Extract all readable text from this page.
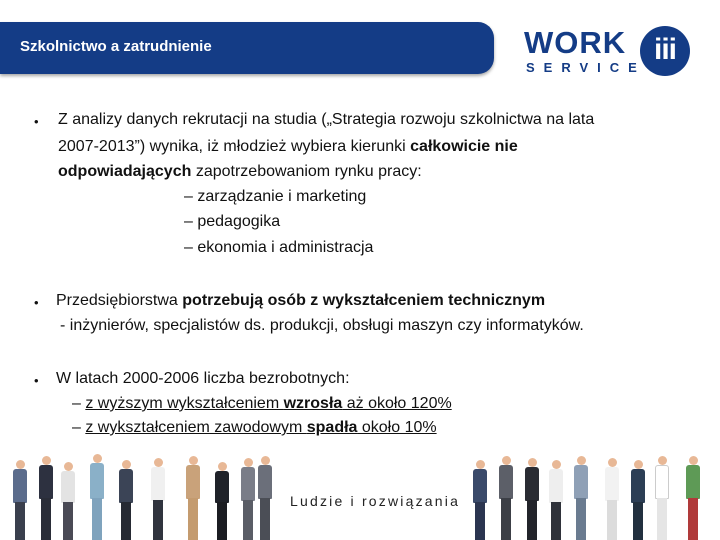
Szkolnictwo a zatrudnienie	WORK
SERVICE
iii
• Z analizy danych rekrutacji na studia („Strategia rozwoju szkolnictwa na lata
2007-2013”) wynika, iż młodzież wybiera kierunki całkowicie nie
odpowiadających zapotrzebowaniom rynku pracy:
– zarządzanie i marketing
– pedagogika
– ekonomia i administracja
• Przedsiębiorstwa potrzebują osób z wykształceniem technicznym
- inżynierów, specjalistów ds. produkcji, obsługi maszyn czy informatyków.
• W latach 2000-2006 liczba bezrobotnych:
– z wyższym wykształceniem wzrosła aż około 120%
– z wykształceniem zawodowym spadła około 10%
Ludzie i rozwiązania
